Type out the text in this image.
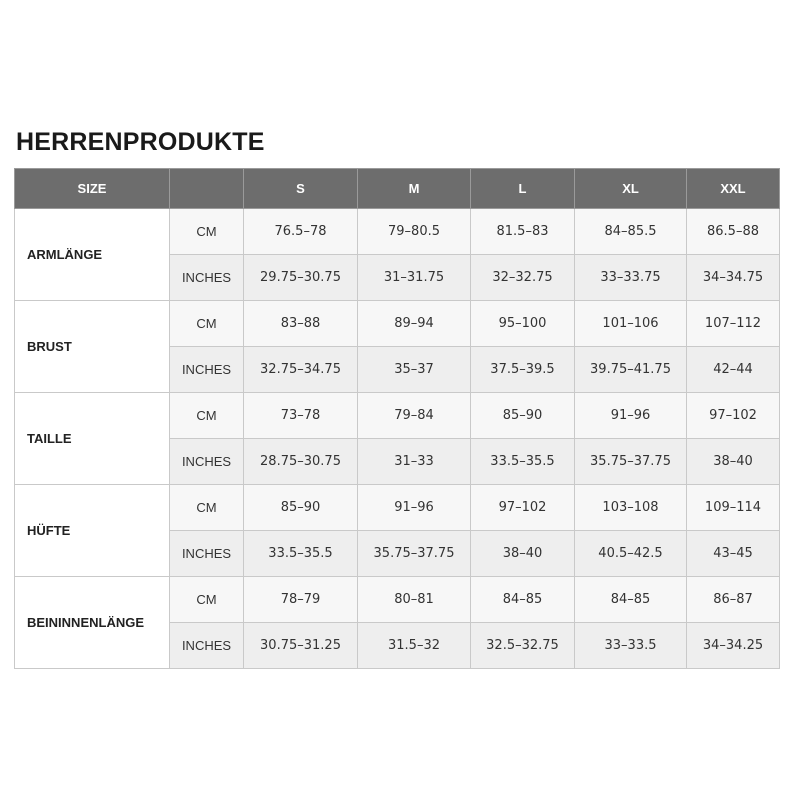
HERRENPRODUKTE
SIZE		S	M	L	XL	XXL
ARMLÄNGE	CM	76.5–78	79–80.5	81.5–83	84–85.5	86.5–88
	INCHES	29.75–30.75	31–31.75	32–32.75	33–33.75	34–34.75
BRUST	CM	83–88	89–94	95–100	101–106	107–112
	INCHES	32.75–34.75	35–37	37.5–39.5	39.75–41.75	42–44
TAILLE	CM	73–78	79–84	85–90	91–96	97–102
	INCHES	28.75–30.75	31–33	33.5–35.5	35.75–37.75	38–40
HÜFTE	CM	85–90	91–96	97–102	103–108	109–114
	INCHES	33.5–35.5	35.75–37.75	38–40	40.5–42.5	43–45
BEININNENLÄNGE	CM	78–79	80–81	84–85	84–85	86–87
	INCHES	30.75–31.25	31.5–32	32.5–32.75	33–33.5	34–34.25
